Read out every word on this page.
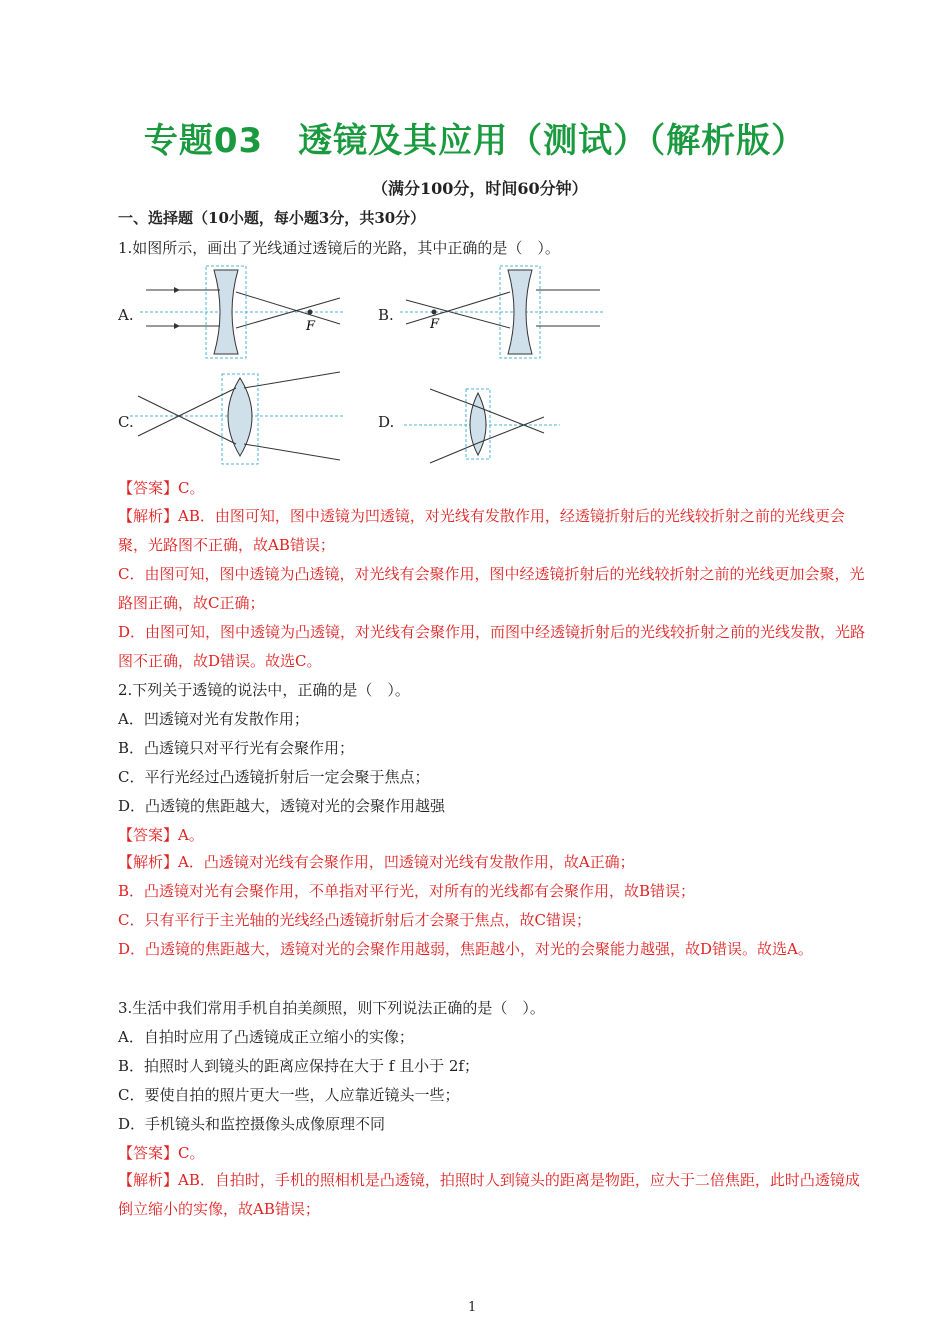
专题03　透镜及其应用（测试）（解析版）
（满分100分，时间60分钟）
一、选择题（10小题，每小题3分，共30分）
1.如图所示，画出了光线通过透镜后的光路，其中正确的是（　）。
A.	B.
C.	D.
F	F
【答案】C。
【解析】AB．由图可知，图中透镜为凹透镜，对光线有发散作用，经透镜折射后的光线较折射之前的光线更会聚，光路图不正确，故AB错误；
C．由图可知，图中透镜为凸透镜，对光线有会聚作用，图中经透镜折射后的光线较折射之前的光线更加会聚，光路图正确，故C正确；
D．由图可知，图中透镜为凸透镜，对光线有会聚作用，而图中经透镜折射后的光线较折射之前的光线发散，光路图不正确，故D错误。故选C。
2.下列关于透镜的说法中，正确的是（　）。
A．凹透镜对光有发散作用；
B．凸透镜只对平行光有会聚作用；
C．平行光经过凸透镜折射后一定会聚于焦点；
D．凸透镜的焦距越大，透镜对光的会聚作用越强
【答案】A。
【解析】A．凸透镜对光线有会聚作用，凹透镜对光线有发散作用，故A正确；
B．凸透镜对光有会聚作用，不单指对平行光，对所有的光线都有会聚作用，故B错误；
C．只有平行于主光轴的光线经凸透镜折射后才会聚于焦点，故C错误；
D．凸透镜的焦距越大，透镜对光的会聚作用越弱，焦距越小，对光的会聚能力越强，故D错误。故选A。
3.生活中我们常用手机自拍美颜照，则下列说法正确的是（　）。
A．自拍时应用了凸透镜成正立缩小的实像；
B．拍照时人到镜头的距离应保持在大于 f 且小于 2f；
C．要使自拍的照片更大一些，人应靠近镜头一些；
D．手机镜头和监控摄像头成像原理不同
【答案】C。
【解析】AB．自拍时，手机的照相机是凸透镜，拍照时人到镜头的距离是物距，应大于二倍焦距，此时凸透镜成倒立缩小的实像，故AB错误；
1
